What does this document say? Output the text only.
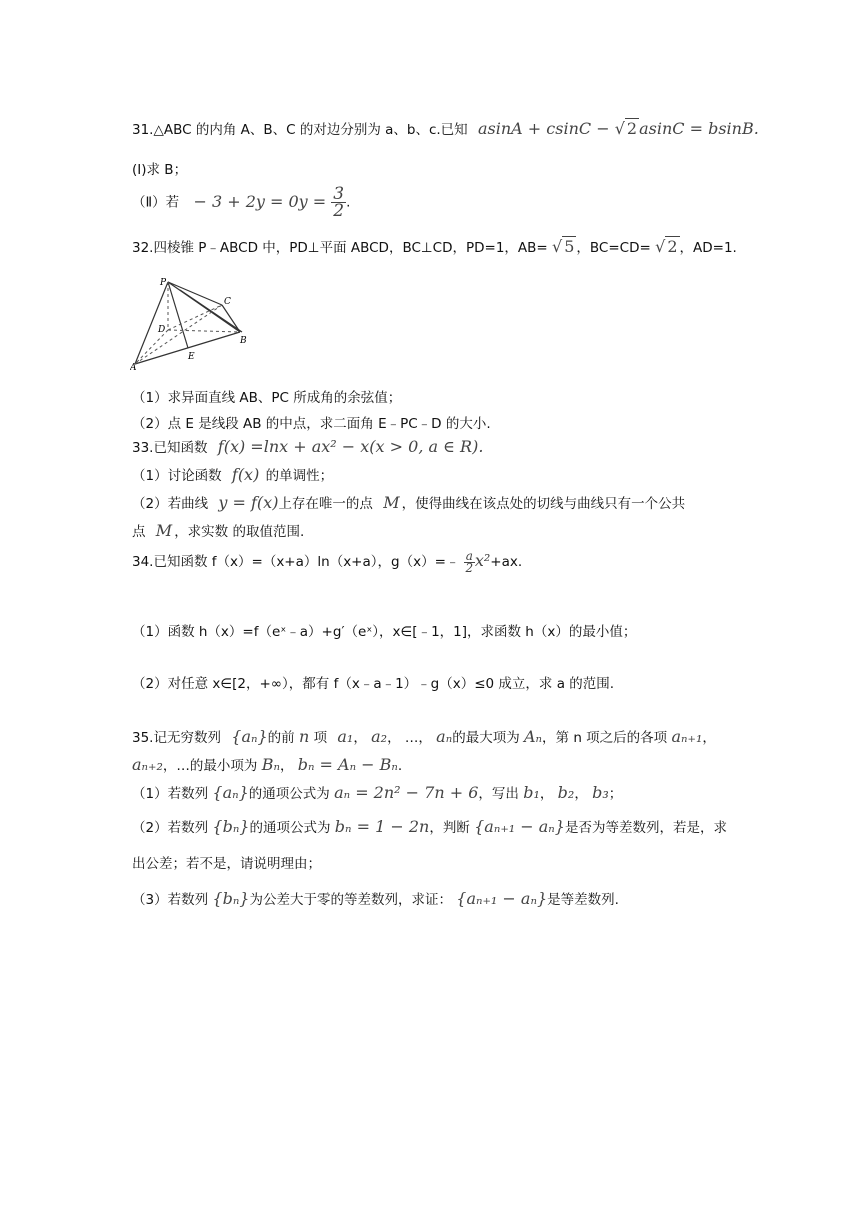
31.△ABC 的内角 A、B、C 的对边分别为 a、b、c.已知 asinA + csinC − √ 2 asinC = bsinB.
(Ⅰ)求 B；
（Ⅱ）若 − $3 + 2y = 0y = \frac{3}{2}$ .
32.四棱锥 P﹣ABCD 中，PD⊥平面 ABCD，BC⊥CD，PD=1，AB= √ 5 ，BC=CD= √ 2 ，AD=1.
P
C
D
B
E
A
（1）求异面直线 AB、PC 所成角的余弦值；
（2）点 E 是线段 AB 的中点，求二面角 E﹣PC﹣D 的大小.
33.已知函数 f(x) =lnx + ax² − x(x > 0, a ∈ R).
（1）讨论函数 f(x) 的单调性；
（2）若曲线 y = f(x)上存在唯一的点 M ，使得曲线在该点处的切线与曲线只有一个公共
点 M ，求实数 的取值范围.
34.已知函数 f（x）=（x+a）ln（x+a），g（x）=﹣ $\frac{a}{2} x^2+ax$.
（1）函数 h（x）=f（eˣ﹣a）+g′（eˣ），x∈[﹣1，1]，求函数 h（x）的最小值；
（2）对任意 x∈[2，+∞），都有 f（x﹣a﹣1）﹣g（x）≤0 成立，求 a 的范围.
35.记无穷数列 {aₙ}的前 n 项 a₁， a₂， …， aₙ的最大项为 Aₙ，第 n 项之后的各项 aₙ₊₁，
aₙ₊₂，…的最小项为 Bₙ， bₙ = Aₙ − Bₙ.
（1）若数列 {aₙ}的通项公式为 aₙ = 2n² − 7n + 6，写出 b₁， b₂， b₃；
（2）若数列 {bₙ}的通项公式为 bₙ = 1 − 2n，判断 {aₙ₊₁ − aₙ}是否为等差数列，若是，求
出公差；若不是，请说明理由；
（3）若数列 {bₙ}为公差大于零的等差数列，求证： {aₙ₊₁ − aₙ}是等差数列.
